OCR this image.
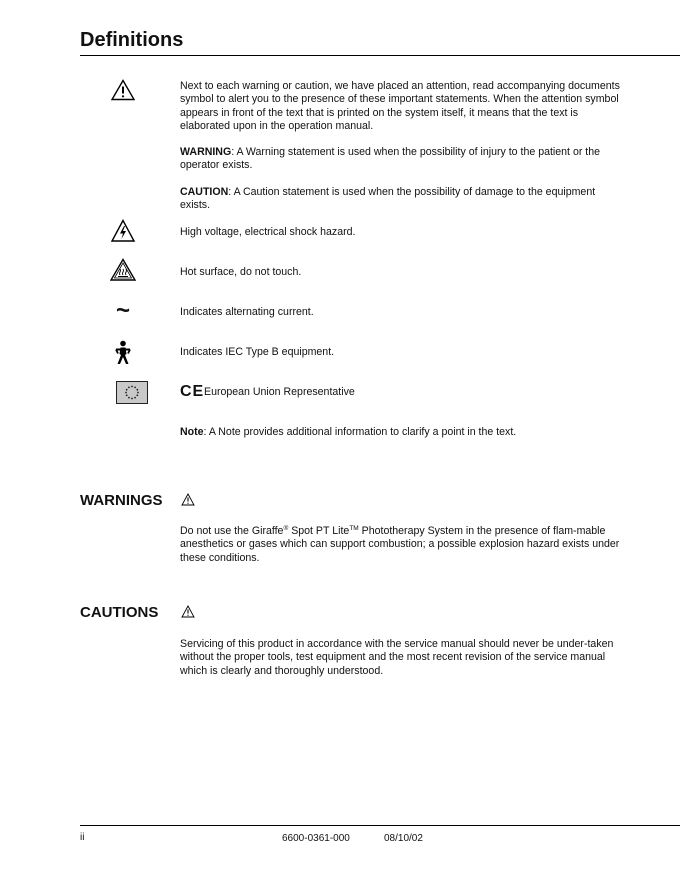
Definitions

Next to each warning or caution, we have placed an attention, read accompanying documents symbol to alert you to the presence of these important statements. When the attention symbol appears in front of the text that is printed on the system itself, it means that the text is elaborated upon in the operation manual.

WARNING: A Warning statement is used when the possibility of injury to the patient or the operator exists.

CAUTION: A Caution statement is used when the possibility of damage to the equipment exists.

High voltage, electrical shock hazard.

Hot surface, do not touch.

~	Indicates alternating current.

Indicates IEC Type B equipment.

CE European Union Representative

Note: A Note provides additional information to clarify a point in the text.

WARNINGS

Do not use the Giraffe® Spot PT Lite™ Phototherapy System in the presence of flam-mable anesthetics or gases which can support combustion; a possible explosion hazard exists under these conditions.

CAUTIONS

Servicing of this product in accordance with the service manual should never be under-taken without the proper tools, test equipment and the most recent revision of the service manual which is clearly and thoroughly understood.

ii	6600-0361-000	08/10/02
